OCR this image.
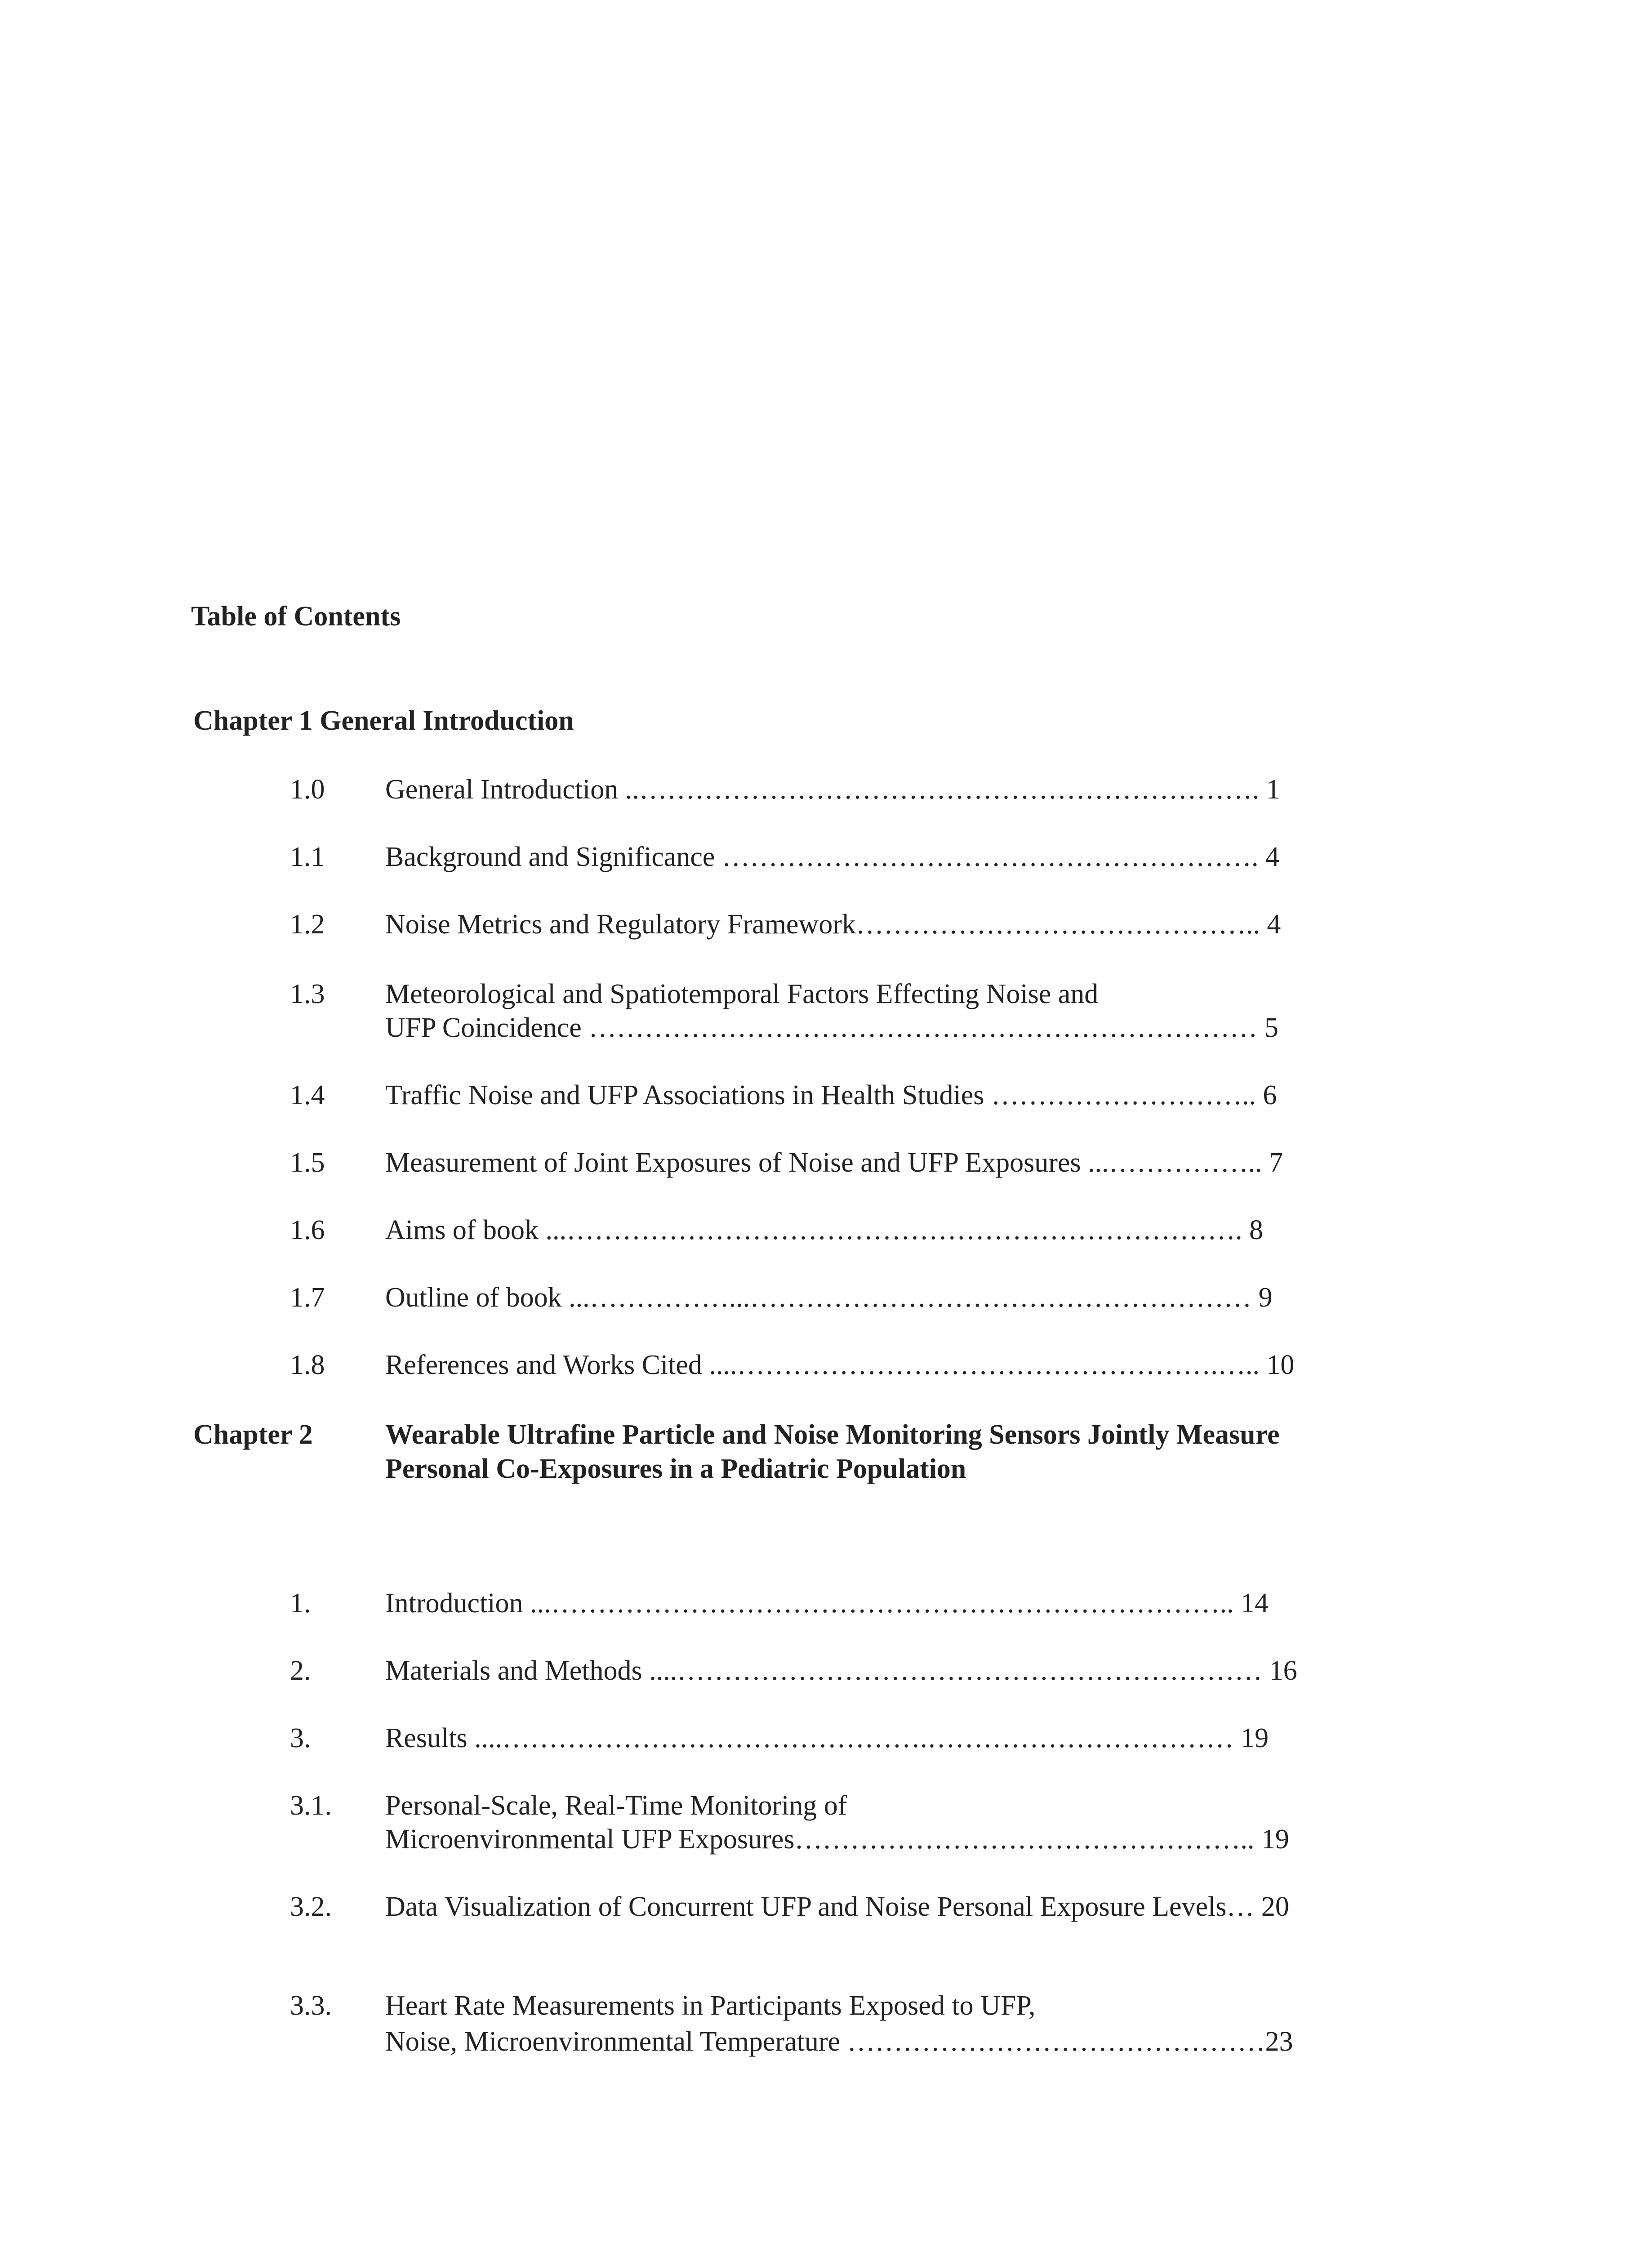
Table of Contents
Chapter 1 General Introduction
1.0 General Introduction ..…………………………………………………………. 1
1.1 Background and Significance …………………………………………………. 4
1.2 Noise Metrics and Regulatory Framework…………………………………….. 4
1.3 Meteorological and Spatiotemporal Factors Effecting Noise and
UFP Coincidence ……………………………………………………………… 5
1.4 Traffic Noise and UFP Associations in Health Studies ……………………….. 6
1.5 Measurement of Joint Exposures of Noise and UFP Exposures ...…………….. 7
1.6 Aims of book ...………………………………………………………………. 8
1.7 Outline of book ...……………...……………………………………………… 9
1.8 References and Works Cited ....…………………………………………….….. 10
Chapter 2	Wearable Ultrafine Particle and Noise Monitoring Sensors Jointly Measure
Personal Co-Exposures in a Pediatric Population
1.	Introduction ...……………………………………………………………….. 14
2.	Materials and Methods ....……………………………………………………… 16
3.	Results ....……………………………………….…………………………… 19
3.1. Personal-Scale, Real-Time Monitoring of
Microenvironmental UFP Exposures………………………………………….. 19
3.2. Data Visualization of Concurrent UFP and Noise Personal Exposure Levels… 20
3.3. Heart Rate Measurements in Participants Exposed to UFP,
Noise, Microenvironmental Temperature ………………………………………23
